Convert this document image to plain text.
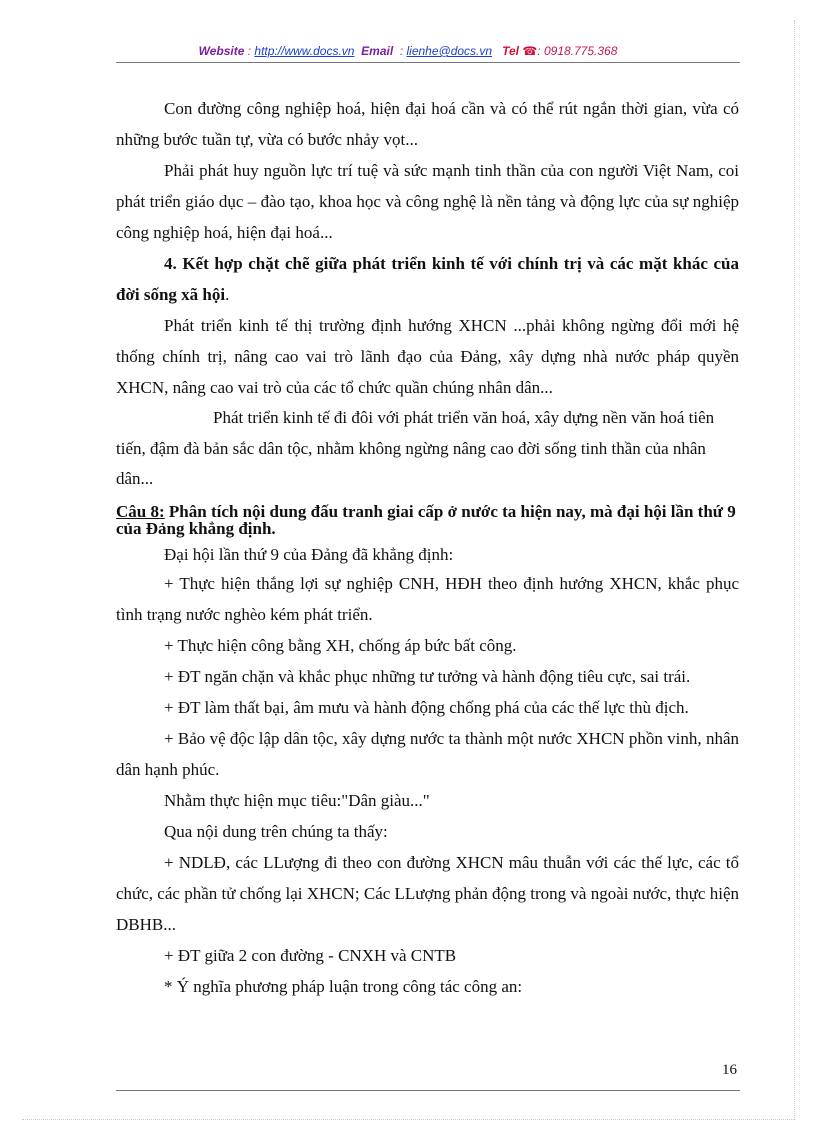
Website : http://www.docs.vn Email  : lienhe@docs.vn Tel ☎: 0918.775.368

Con đường công nghiệp hoá, hiện đại hoá cần và có thể rút ngắn thời gian, vừa có những bước tuần tự, vừa có bước nhảy vọt...

Phải phát huy nguồn lực trí tuệ và sức mạnh tinh thần của con người Việt Nam, coi phát triển giáo dục – đào tạo, khoa học và công nghệ là nền tảng và động lực của sự nghiệp công nghiệp hoá, hiện đại hoá...

4. Kết hợp chặt chẽ giữa phát triển kinh tế với chính trị và các mặt khác của đời sống xã hội.

Phát triển kinh tế thị trường định hướng XHCN ...phải không ngừng đổi mới hệ thống chính trị, nâng cao vai trò lãnh đạo của Đảng, xây dựng nhà nước pháp quyền XHCN, nâng cao vai trò của các tổ chức quần chúng nhân dân...

Phát triển kinh tế đi đôi với phát triển văn hoá, xây dựng nền văn hoá tiên tiến, đậm đà bản sắc dân tộc, nhằm không ngừng nâng cao đời sống tinh thần của nhân dân...

Câu 8: Phân tích nội dung đấu tranh giai cấp ở nước ta hiện nay, mà đại hội lần thứ 9 của Đảng khẳng định.

Đại hội lần thứ 9 của Đảng đã khẳng định:

+ Thực hiện thắng lợi sự nghiệp CNH, HĐH theo định hướng XHCN, khắc phục tình trạng nước nghèo kém phát triển.

+ Thực hiện công bằng XH, chống áp bức bất công.

+ ĐT ngăn chặn và khắc phục những tư tưởng và hành động tiêu cực, sai trái.

+ ĐT làm thất bại, âm mưu và hành động chống phá của các thế lực thù địch.

+ Bảo vệ độc lập dân tộc, xây dựng nước ta thành một nước XHCN phồn vinh, nhân dân hạnh phúc.

Nhằm thực hiện mục tiêu:"Dân giàu..."

Qua nội dung trên chúng ta thấy:

+ NDLĐ, các LLượng đi theo con đường XHCN mâu thuẫn với các thế lực, các tổ chức, các phần tử chống lại XHCN; Các LLượng phản động trong và ngoài nước, thực hiện DBHB...

+ ĐT giữa 2 con đường - CNXH và CNTB

* Ý nghĩa phương pháp luận trong công tác công an:

16
